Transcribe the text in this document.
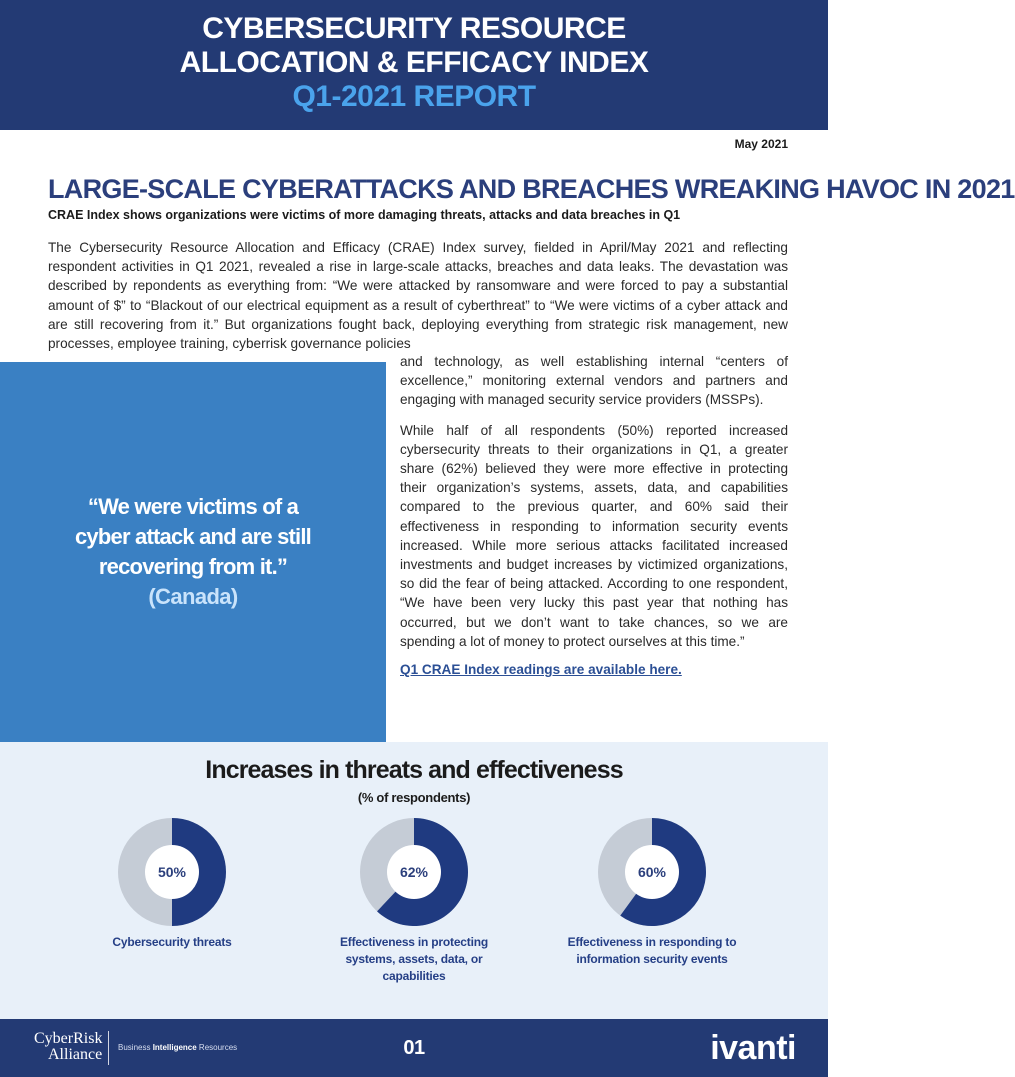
CYBERSECURITY RESOURCE
ALLOCATION & EFFICACY INDEX
Q1-2021 REPORT
May 2021
LARGE-SCALE CYBERATTACKS AND BREACHES WREAKING HAVOC IN 2021
CRAE Index shows organizations were victims of more damaging threats, attacks and data breaches in Q1

The Cybersecurity Resource Allocation and Efficacy (CRAE) Index survey, fielded in April/May 2021 and reflecting respondent activities in Q1 2021, revealed a rise in large-scale attacks, breaches and data leaks. The devastation was described by repondents as everything from: “We were attacked by ransomware and were forced to pay a substantial amount of $” to “Blackout of our electrical equipment as a result of cyberthreat” to “We were victims of a cyber attack and are still recovering from it.” But organizations fought back, deploying everything from strategic risk management, new processes, employee training, cyberrisk governance policies

“We were victims of a cyber attack and are still recovering from it.”
(Canada)

and technology, as well establishing internal “centers of excellence,” monitoring external vendors and partners and engaging with managed security service providers (MSSPs).

While half of all respondents (50%) reported increased cybersecurity threats to their organizations in Q1, a greater share (62%) believed they were more effective in protecting their organization’s systems, assets, data, and capabilities compared to the previous quarter, and 60% said their effectiveness in responding to information security events increased. While more serious attacks facilitated increased investments and budget increases by victimized organizations, so did the fear of being attacked. According to one respondent, “We have been very lucky this past year that nothing has occurred, but we don’t want to take chances, so we are spending a lot of money to protect ourselves at this time.”

Q1 CRAE Index readings are available here.
Increases in threats and effectiveness
(% of respondents)
50%
Cybersecurity threats
62%
Effectiveness in protecting systems, assets, data, or capabilities
60%
Effectiveness in responding to information security events
CyberRisk
Alliance Business Intelligence Resources	01	ivanti
